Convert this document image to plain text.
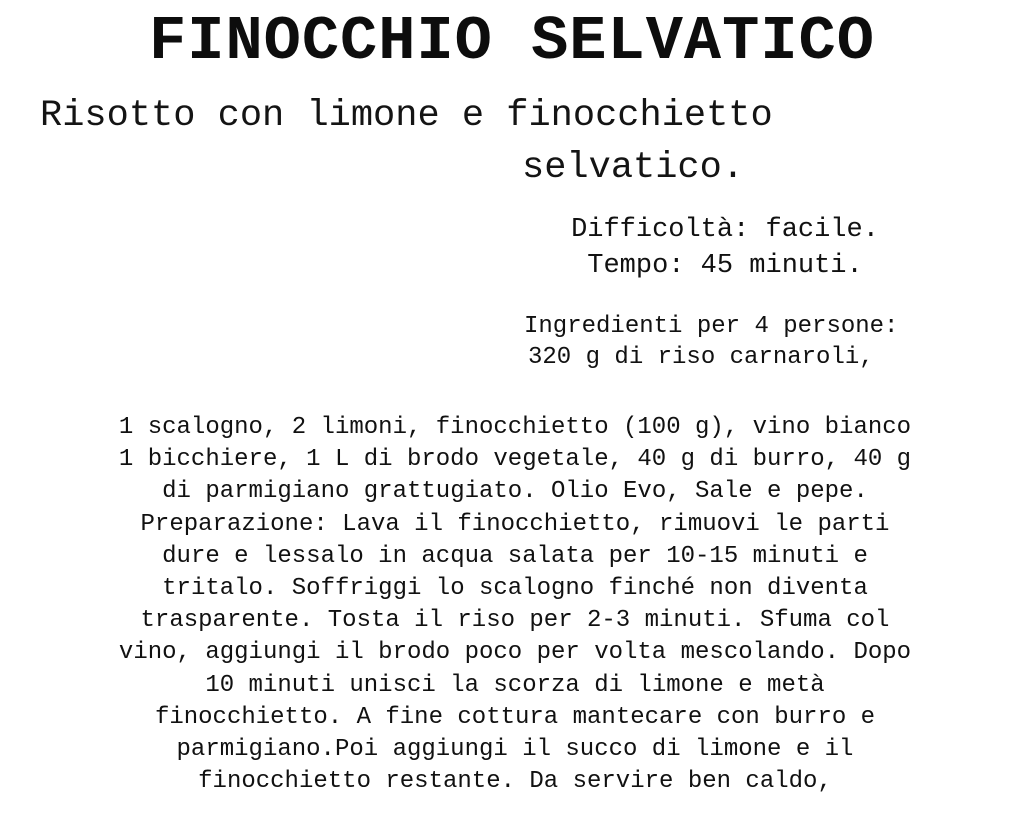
FINOCCHIO SELVATICO
Risotto con limone e finocchietto
selvatico.
Difficoltà: facile.
Tempo: 45 minuti.
Ingredienti per 4 persone:
320 g di riso carnaroli,
1 scalogno, 2 limoni, finocchietto (100 g), vino bianco
1 bicchiere, 1 L di brodo vegetale, 40 g di burro, 40 g
di parmigiano grattugiato. Olio Evo, Sale e pepe.
Preparazione: Lava il finocchietto, rimuovi le parti
dure e lessalo in acqua salata per 10-15 minuti e
tritalo. Soffriggi lo scalogno finché non diventa
trasparente. Tosta il riso per 2-3 minuti. Sfuma col
vino, aggiungi il brodo poco per volta mescolando. Dopo
10 minuti unisci la scorza di limone e metà
finocchietto. A fine cottura mantecare con burro e
parmigiano.Poi aggiungi il succo di limone e il
finocchietto restante. Da servire ben caldo,
